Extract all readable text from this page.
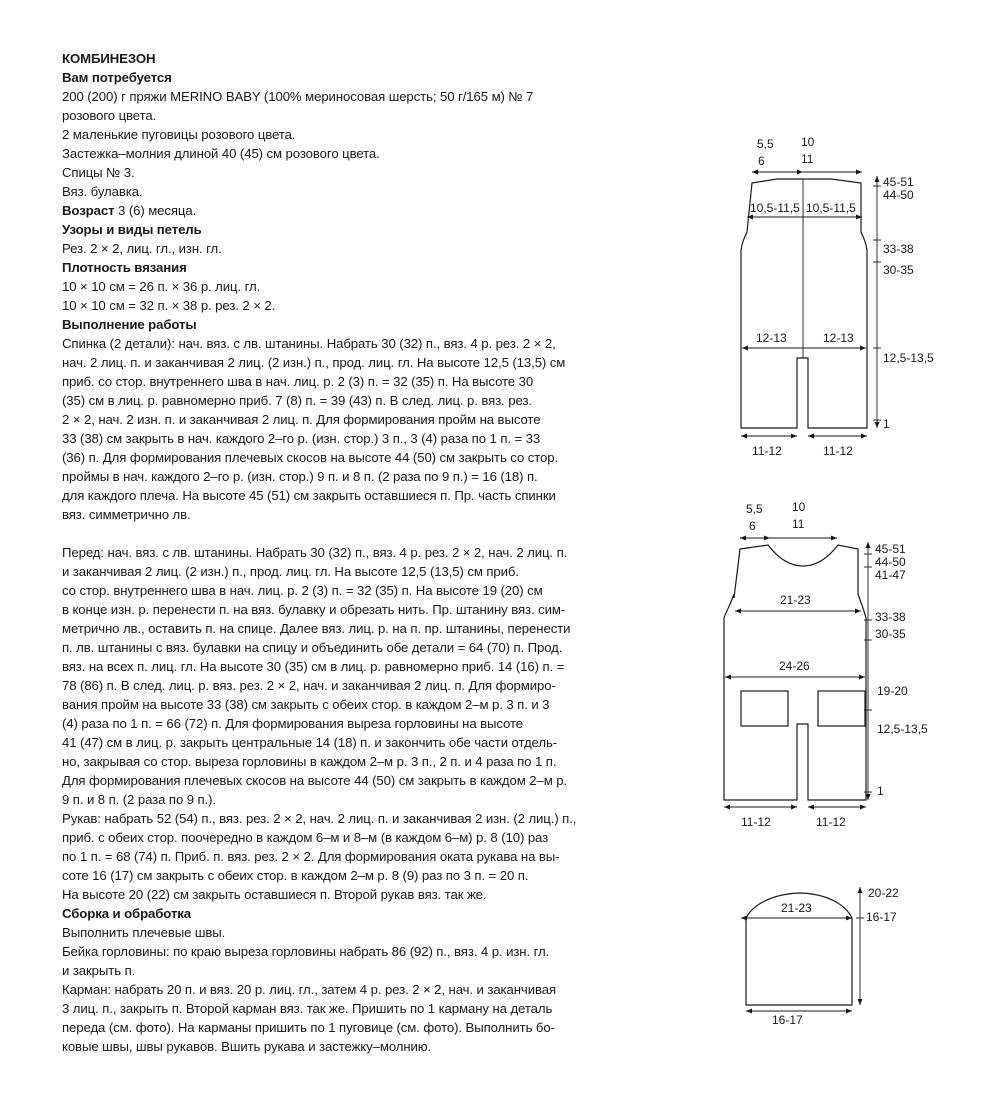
КОМБИНЕЗОН

Вам потребуется

200 (200) г пряжи MERINO BABY (100% мериносовая шерсть; 50 г/165 м) № 7

розового цвета.

2 маленькие пуговицы розового цвета.

Застежка–молния длиной 40 (45) см розового цвета.

Спицы № 3.

Вяз. булавка.

Возраст 3 (6) месяца.

Узоры и виды петель

Рез. 2 × 2, лиц. гл., изн. гл.

Плотность вязания

10 × 10 см = 26 п. × 36 р. лиц. гл.

10 × 10 см = 32 п. × 38 р. рез. 2 × 2.

Выполнение работы

Спинка (2 детали): нач. вяз. с лв. штанины. Набрать 30 (32) п., вяз. 4 р. рез. 2 × 2,

нач. 2 лиц. п. и заканчивая 2 лиц. (2 изн.) п., прод. лиц. гл. На высоте 12,5 (13,5) см

приб. со стор. внутреннего шва в нач. лиц. р. 2 (3) п. = 32 (35) п. На высоте 30

(35) см в лиц. р. равномерно приб. 7 (8) п. = 39 (43) п. В след. лиц. р. вяз. рез.

2 × 2, нач. 2 изн. п. и заканчивая 2 лиц. п. Для формирования пройм на высоте

33 (38) см закрыть в нач. каждого 2–го р. (изн. стор.) 3 п., 3 (4) раза по 1 п. = 33

(36) п. Для формирования плечевых скосов на высоте 44 (50) см закрыть со стор.

проймы в нач. каждого 2–го р. (изн. стор.) 9 п. и 8 п. (2 раза по 9 п.) = 16 (18) п.

для каждого плеча. На высоте 45 (51) см закрыть оставшиеся п. Пр. часть спинки

вяз. симметрично лв.

Перед: нач. вяз. с лв. штанины. Набрать 30 (32) п., вяз. 4 р. рез. 2 × 2, нач. 2 лиц. п.

и заканчивая 2 лиц. (2 изн.) п., прод. лиц. гл. На высоте 12,5 (13,5) см приб.

со стор. внутреннего шва в нач. лиц. р. 2 (3) п. = 32 (35) п. На высоте 19 (20) см

в конце изн. р. перенести п. на вяз. булавку и обрезать нить. Пр. штанину вяз. сим-

метрично лв., оставить п. на спице. Далее вяз. лиц. р. на п. пр. штанины, перенести

п. лв. штанины с вяз. булавки на спицу и объединить обе детали = 64 (70) п. Прод.

вяз. на всех п. лиц. гл. На высоте 30 (35) см в лиц. р. равномерно приб. 14 (16) п. =

78 (86) п. В след. лиц. р. вяз. рез. 2 × 2, нач. и заканчивая 2 лиц. п. Для формиро-

вания пройм на высоте 33 (38) см закрыть с обеих стор. в каждом 2–м р. 3 п. и 3

(4) раза по 1 п. = 66 (72) п. Для формирования выреза горловины на высоте

41 (47) см в лиц. р. закрыть центральные 14 (18) п. и закончить обе части отдель-

но, закрывая со стор. выреза горловины в каждом 2–м р. 3 п., 2 п. и 4 раза по 1 п.

Для формирования плечевых скосов на высоте 44 (50) см закрыть в каждом 2–м р.

9 п. и 8 п. (2 раза по 9 п.).

Рукав: набрать 52 (54) п., вяз. рез. 2 × 2, нач. 2 лиц. п. и заканчивая 2 изн. (2 лиц.) п.,

приб. с обеих стор. поочередно в каждом 6–м и 8–м (в каждом 6–м) р. 8 (10) раз

по 1 п. = 68 (74) п. Приб. п. вяз. рез. 2 × 2. Для формирования оката рукава на вы-

соте 16 (17) см закрыть с обеих стор. в каждом 2–м р. 8 (9) раз по 3 п. = 20 п.

На высоте 20 (22) см закрыть оставшиеся п. Второй рукав вяз. так же.

Сборка и обработка

Выполнить плечевые швы.

Бейка горловины: по краю выреза горловины набрать 86 (92) п., вяз. 4 р. изн. гл.

и закрыть п.

Карман: набрать 20 п. и вяз. 20 р. лиц. гл., затем 4 р. рез. 2 × 2, нач. и заканчивая

3 лиц. п., закрыть п. Второй карман вяз. так же. Пришить по 1 карману на деталь

переда (см. фото). На карманы пришить по 1 пуговице (см. фото). Выполнить бо-

ковые швы, швы рукавов. Вшить рукава и застежку–молнию.

5,5
6
10
11
10,5-11,5 10,5-11,5
12-13	12-13
11-12	11-12
45-51
44-50
33-38
30-35
12,5-13,5
1
5,5
6
10
11
21-23
24-26
11-12	11-12
45-51
44-50
41-47
33-38
30-35
19-20
12,5-13,5
1
21-23
16-17
20-22
16-17
